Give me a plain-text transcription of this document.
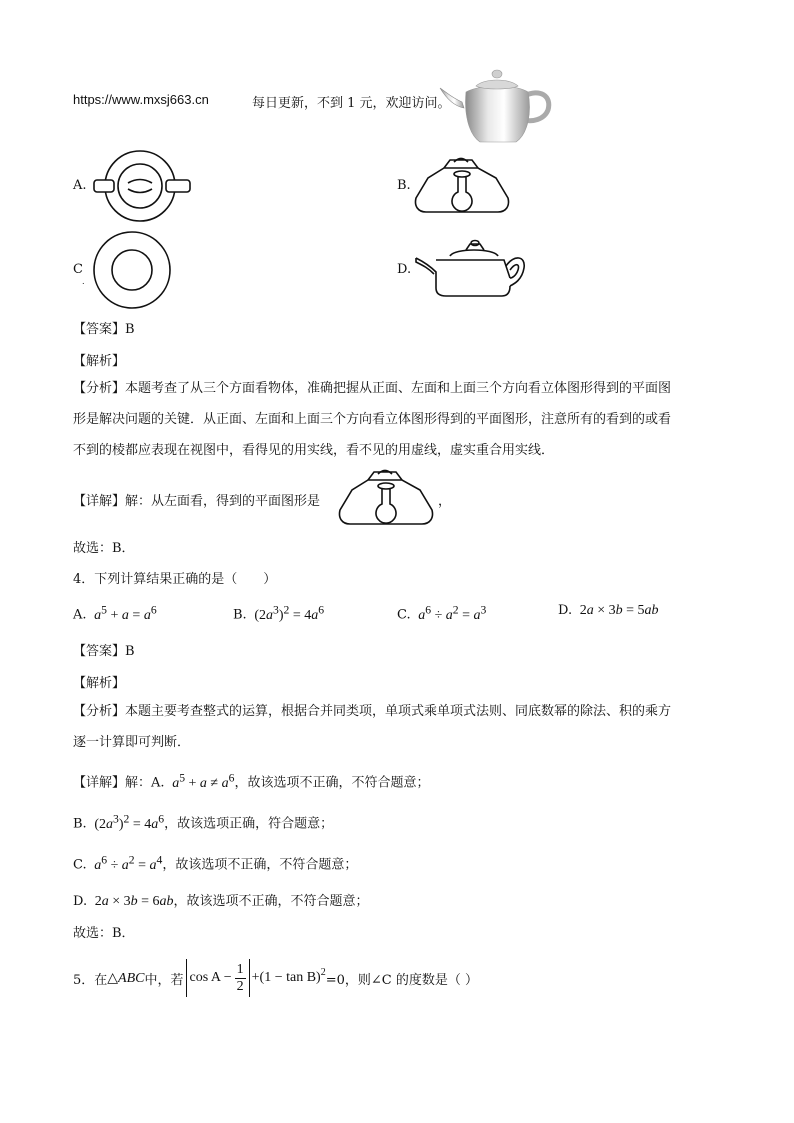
https://www.mxsj663.cn	每日更新，不到 1 元，欢迎访问。
A.	B.
C	D.
.
【答案】B
【解析】
【分析】本题考查了从三个方面看物体，准确把握从正面、左面和上面三个方向看立体图形得到的平面图
形是解决问题的关键．从正面、左面和上面三个方向看立体图形得到的平面图形，注意所有的看到的或看
不到的棱都应表现在视图中，看得见的用实线，看不见的用虚线，虚实重合用实线．
【详解】解：从左面看，得到的平面图形是	，
故选：B．
4．下列计算结果正确的是（　　）
A. $a^5 + a = a^6$	B.  $(2a^3)^2 = 4a^6$	C. $a^6 \div a^2 = a^3$	D.  2a × 3b = 5ab
【答案】B
【解析】
【分析】本题主要考查整式的运算，根据合并同类项，单项式乘单项式法则、同底数幂的除法、积的乘方
逐一计算即可判断．
【详解】解：A. $a^5 + a \ne a^6$，故该选项不正确，不符合题意；
B.  $(2a^3)^2 = 4a^6$，故该选项正确，符合题意；
C. $a^6 \div a^2 = a^4$，故该选项不正确，不符合题意；
D.  2a × 3b = 6ab，故该选项不正确，不符合题意；
故选：B．
5．在 △ABC 中，若 $\cos A - \frac{1}{2} +(1 - \tan B)^2$
=0，则∠C 的度数是（ ）
